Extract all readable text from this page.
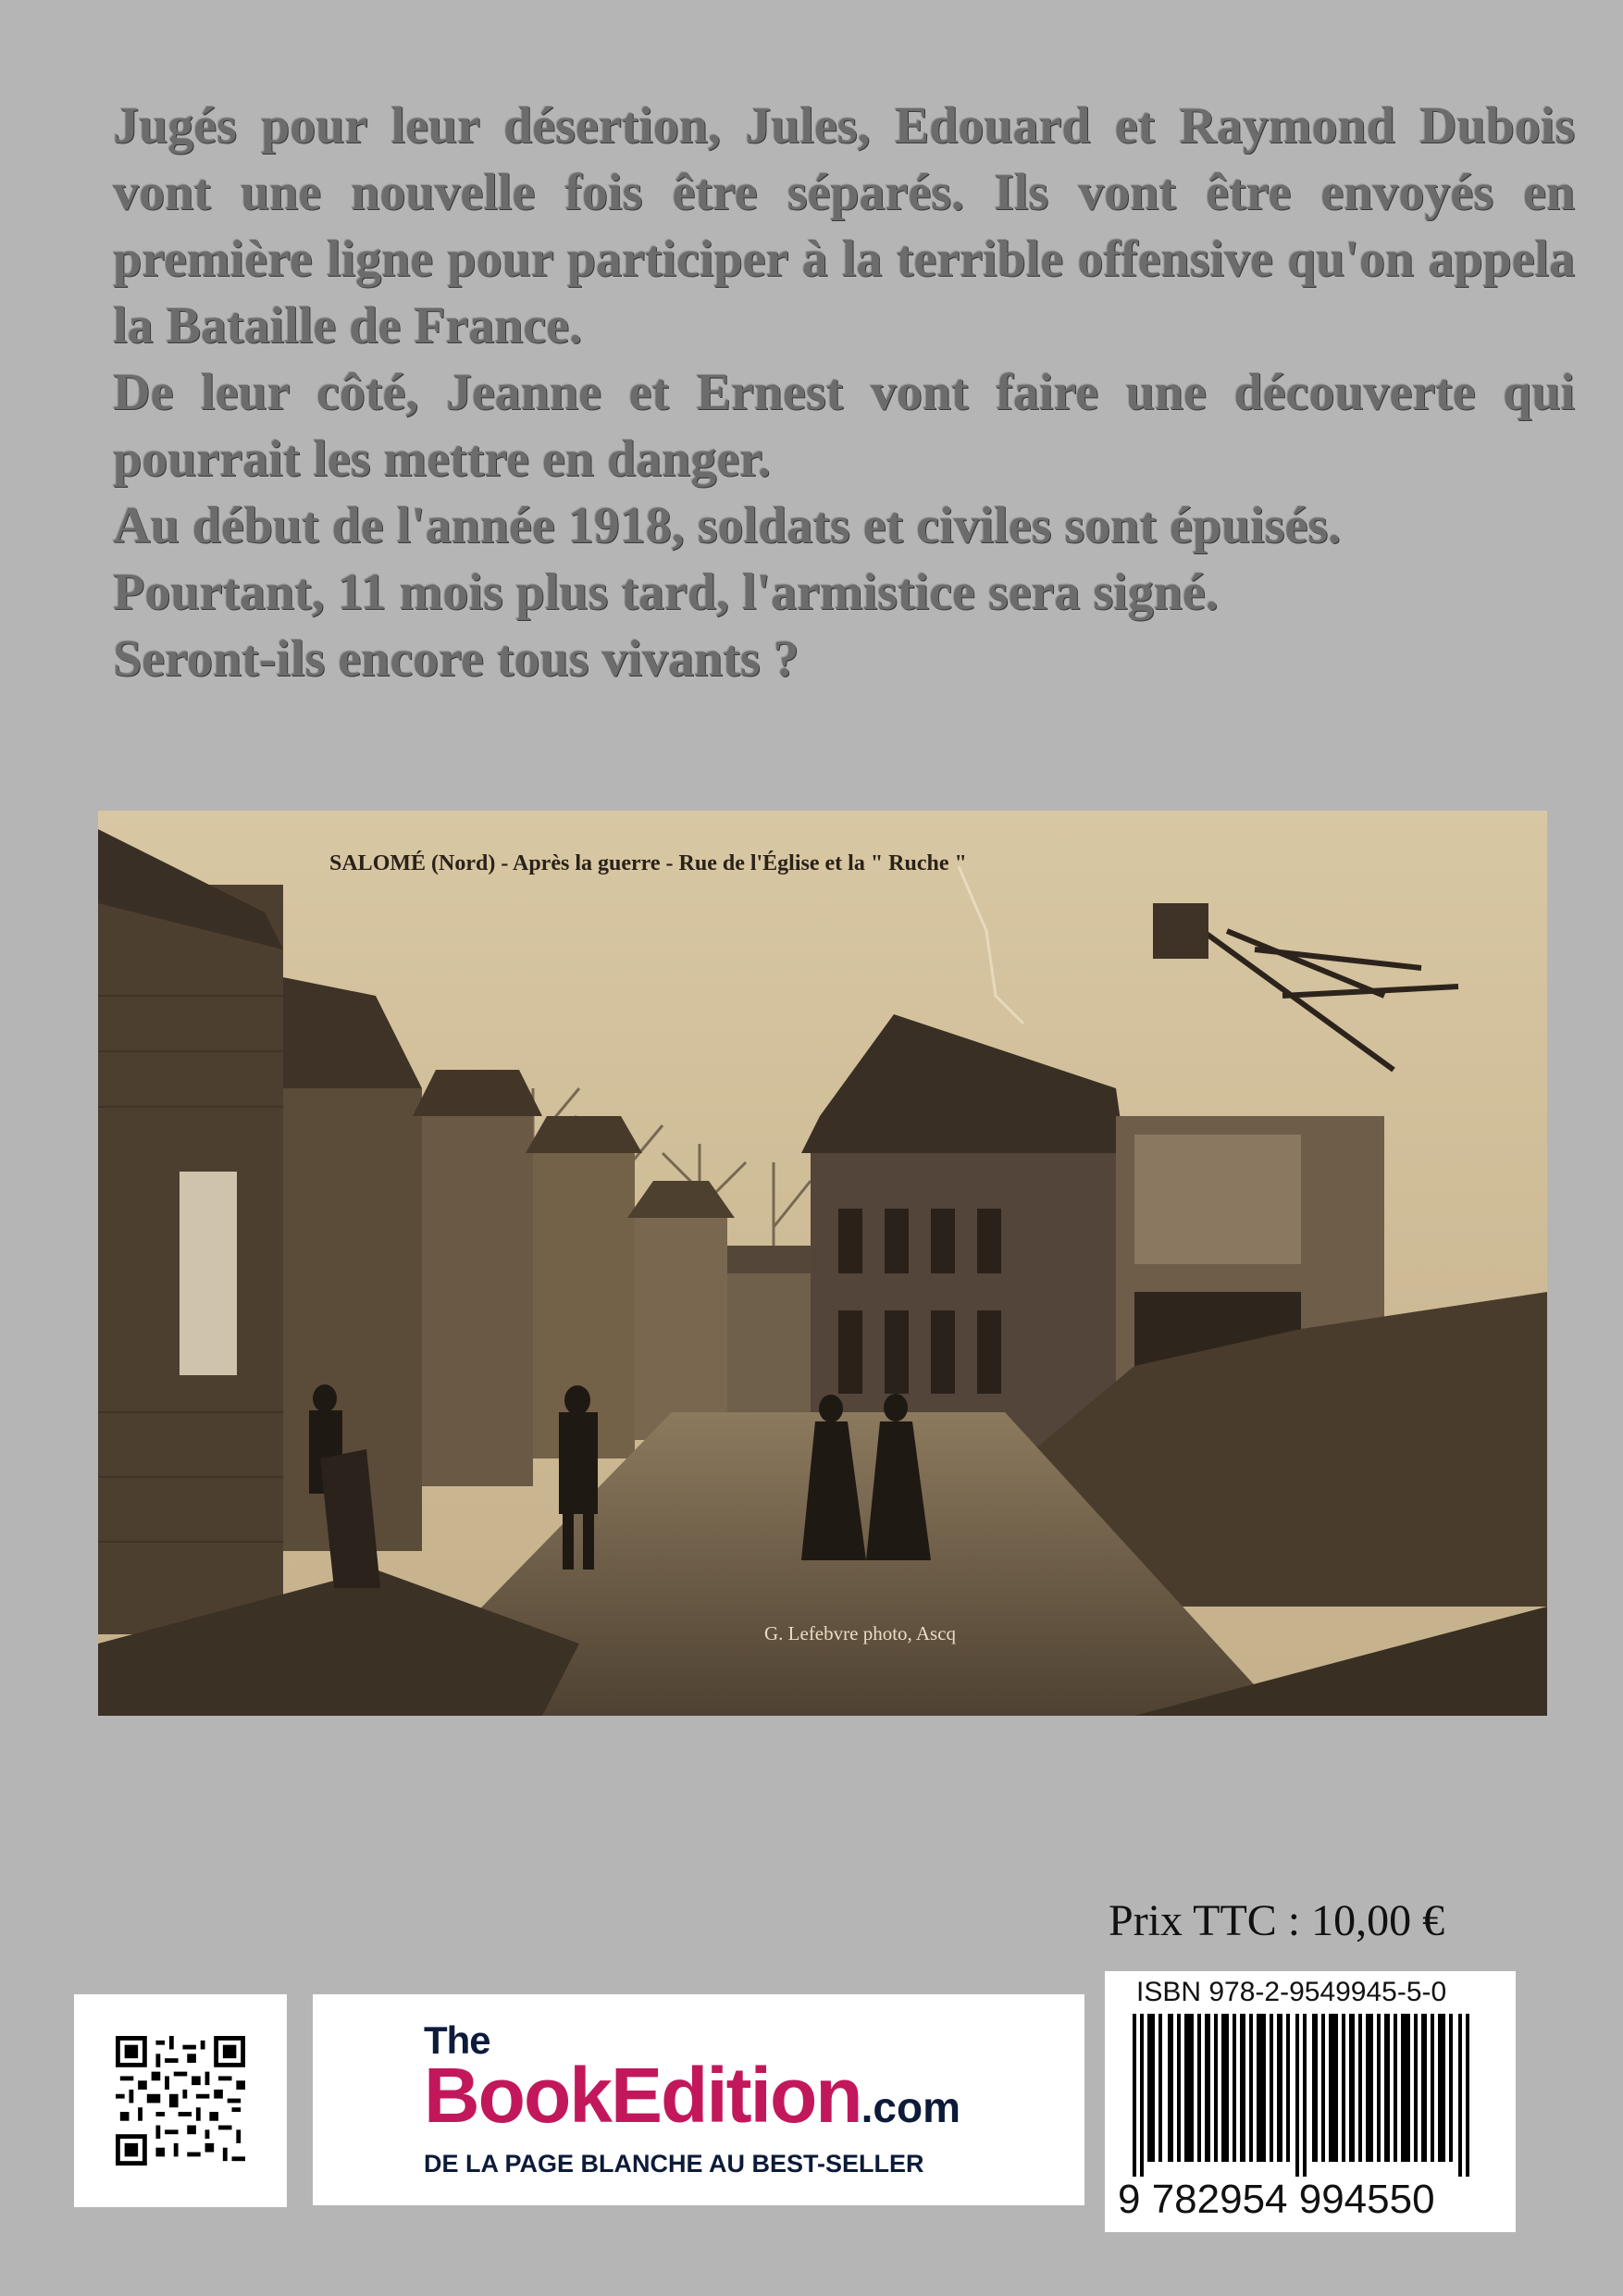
Jugés pour leur désertion, Jules, Edouard et Raymond Dubois vont une nouvelle fois être séparés. Ils vont être envoyés en première ligne pour participer à la terrible offensive qu'on appela la Bataille de France.

De leur côté, Jeanne et Ernest vont faire une découverte qui pourrait les mettre en danger.

Au début de l'année 1918, soldats et civiles sont épuisés.

Pourtant, 11 mois plus tard, l'armistice sera signé.

Seront-ils encore tous vivants ?

SALOMÉ (Nord) - Après la guerre - Rue de l'Église et la " Ruche "
G. Lefebvre photo, Ascq
Prix TTC : 10,00 €
The
BookEdition.com
DE LA PAGE BLANCHE AU BEST-SELLER
ISBN 978-2-9549945-5-0
9 782954 994550
